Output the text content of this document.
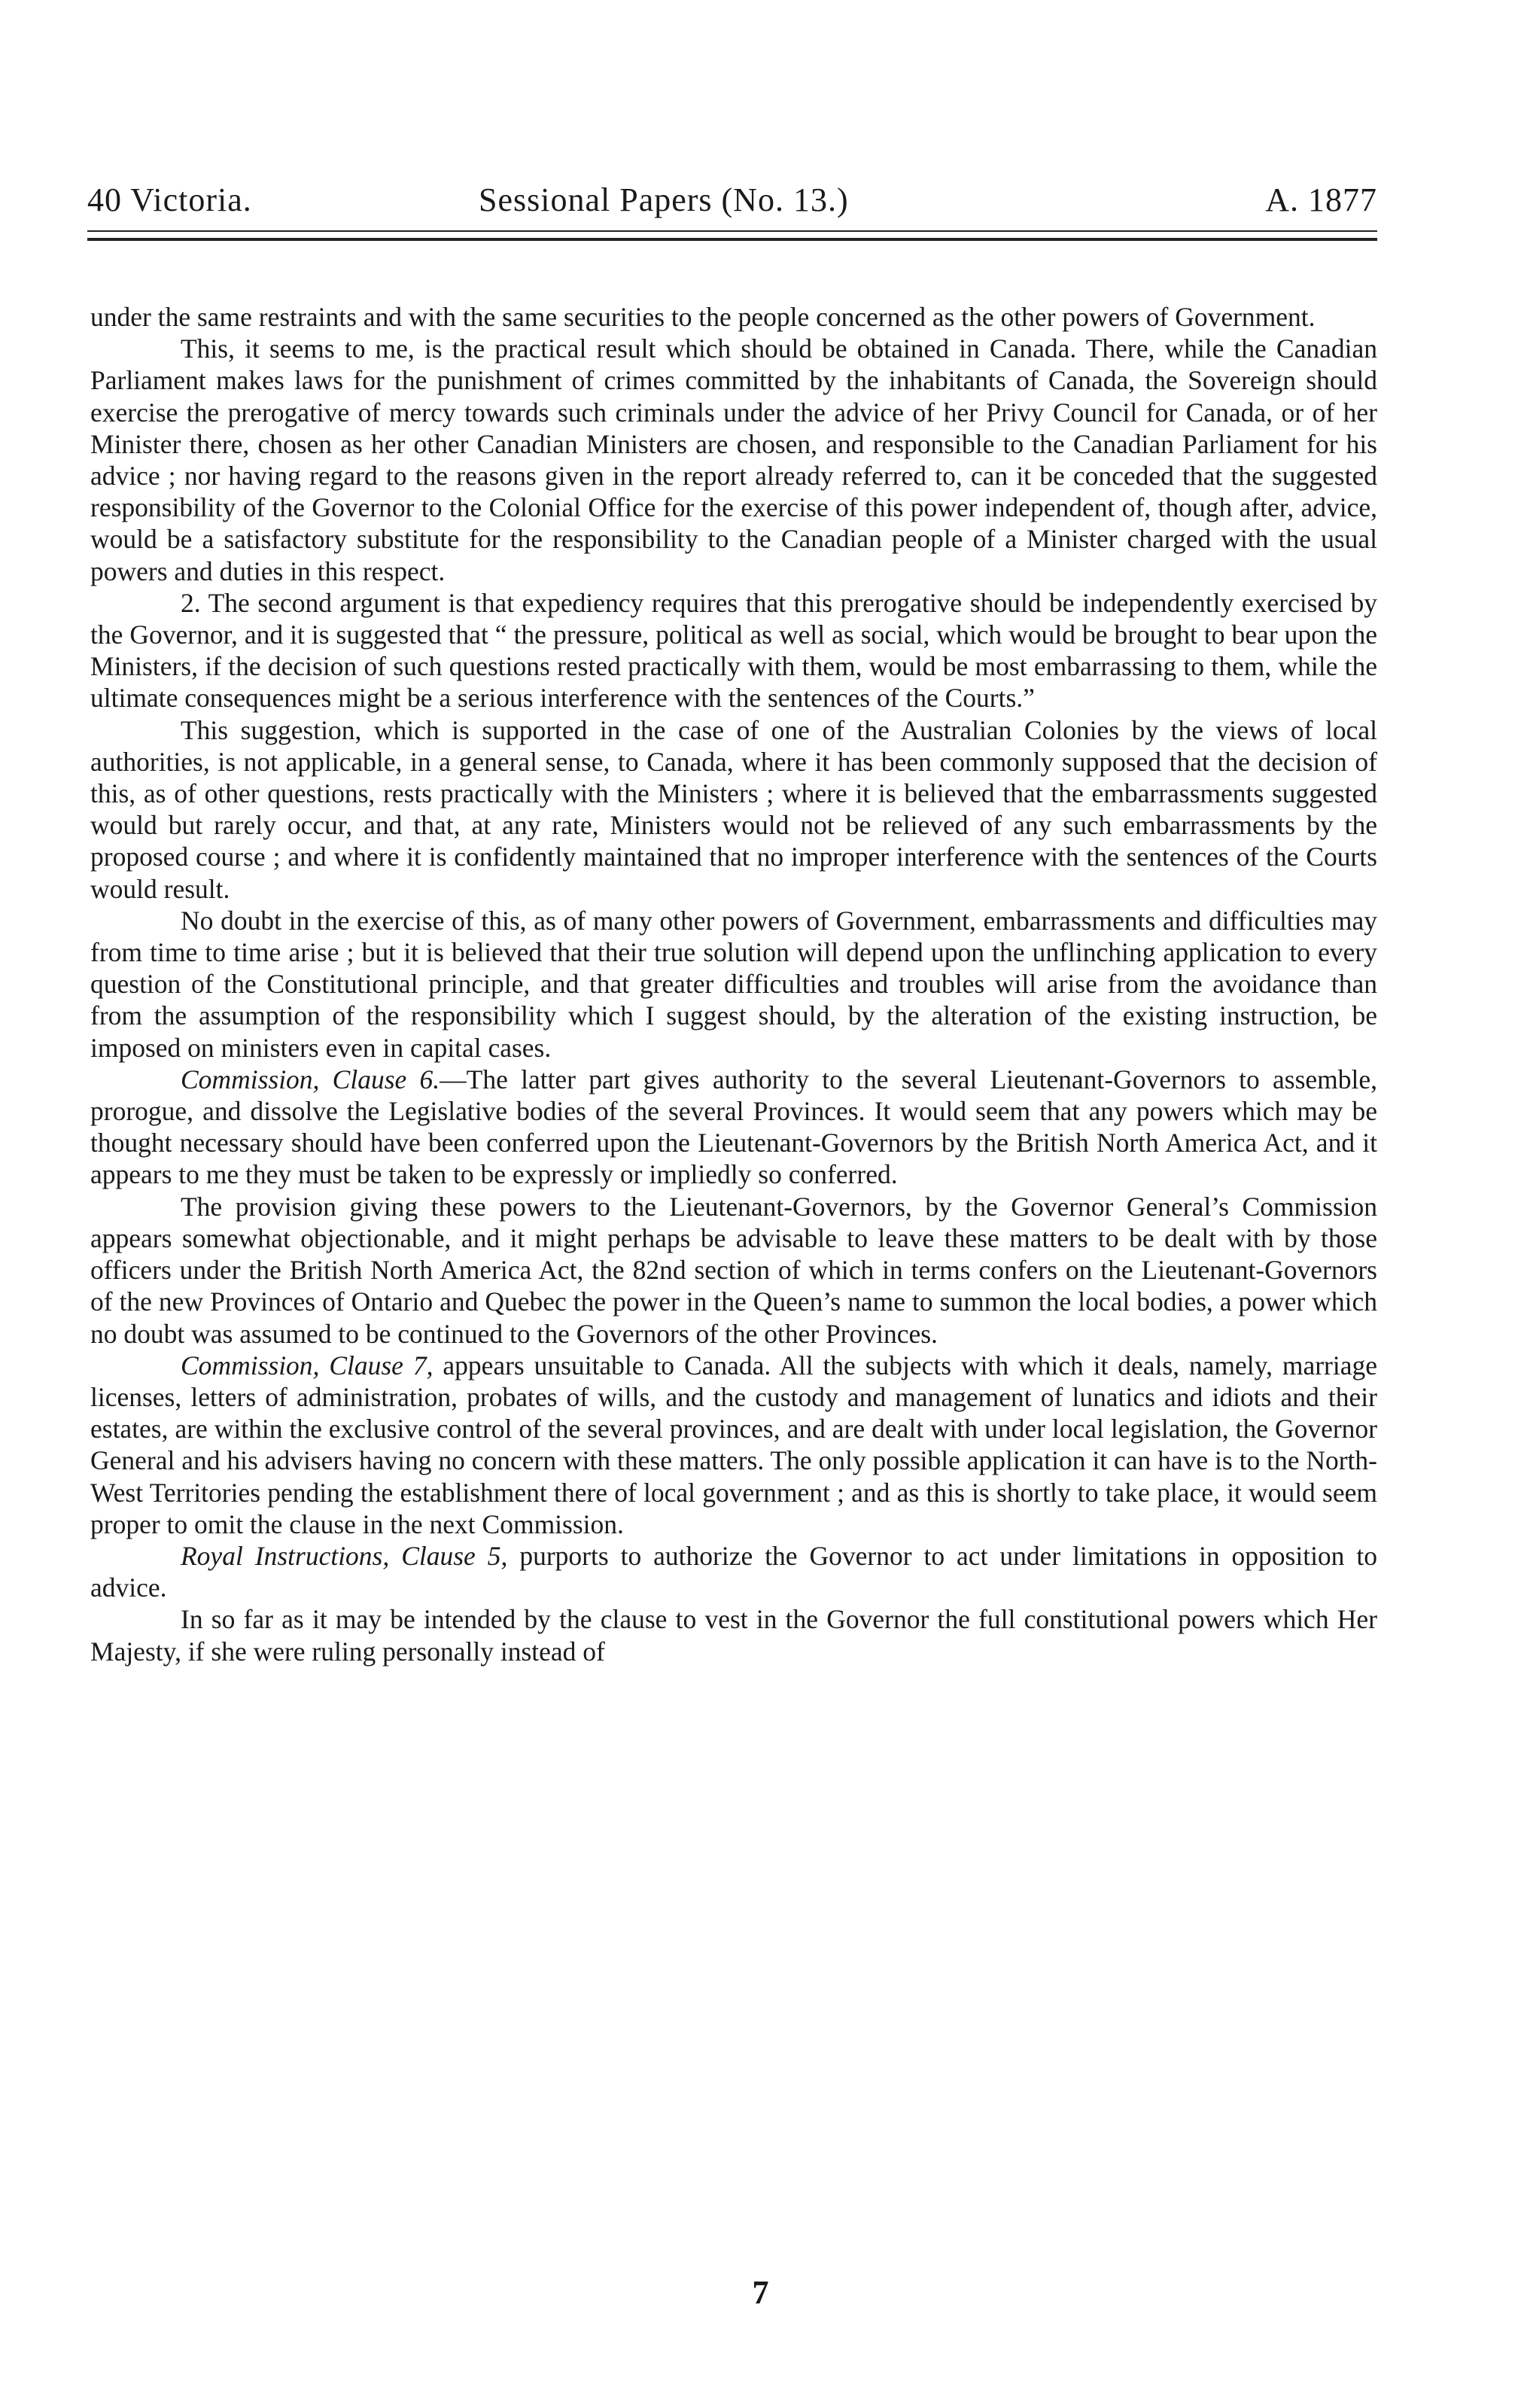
40 Victoria.	Sessional Papers (No. 13.)	A. 1877

under the same restraints and with the same securities to the people concerned as the other powers of Government.

This, it seems to me, is the practical result which should be obtained in Canada. There, while the Canadian Parliament makes laws for the punishment of crimes committed by the inhabitants of Canada, the Sovereign should exercise the prerogative of mercy towards such criminals under the advice of her Privy Council for Canada, or of her Minister there, chosen as her other Canadian Ministers are chosen, and responsible to the Canadian Parliament for his advice ; nor having regard to the reasons given in the report already referred to, can it be conceded that the suggested responsibility of the Governor to the Colonial Office for the exercise of this power independent of, though after, advice, would be a satisfactory substitute for the responsibility to the Canadian people of a Minister charged with the usual powers and duties in this respect.

2. The second argument is that expediency requires that this prerogative should be independently exercised by the Governor, and it is suggested that “ the pressure, political as well as social, which would be brought to bear upon the Ministers, if the decision of such questions rested practically with them, would be most embarrassing to them, while the ultimate consequences might be a serious interference with the sentences of the Courts.”

This suggestion, which is supported in the case of one of the Australian Colonies by the views of local authorities, is not applicable, in a general sense, to Canada, where it has been commonly supposed that the decision of this, as of other questions, rests practically with the Ministers ; where it is believed that the embarrassments suggested would but rarely occur, and that, at any rate, Ministers would not be relieved of any such embarrassments by the proposed course ; and where it is confidently maintained that no improper interference with the sentences of the Courts would result.

No doubt in the exercise of this, as of many other powers of Government, embarrassments and difficulties may from time to time arise ; but it is believed that their true solution will depend upon the unflinching application to every question of the Constitutional principle, and that greater difficulties and troubles will arise from the avoidance than from the assumption of the responsibility which I suggest should, by the alteration of the existing instruction, be imposed on ministers even in capital cases.

Commission, Clause 6.—The latter part gives authority to the several Lieutenant-Governors to assemble, prorogue, and dissolve the Legislative bodies of the several Provinces. It would seem that any powers which may be thought necessary should have been conferred upon the Lieutenant-Governors by the British North America Act, and it appears to me they must be taken to be expressly or impliedly so conferred.

The provision giving these powers to the Lieutenant-Governors, by the Governor General’s Commission appears somewhat objectionable, and it might perhaps be advisable to leave these matters to be dealt with by those officers under the British North America Act, the 82nd section of which in terms confers on the Lieutenant-Governors of the new Provinces of Ontario and Quebec the power in the Queen’s name to summon the local bodies, a power which no doubt was assumed to be continued to the Governors of the other Provinces.

Commission, Clause 7, appears unsuitable to Canada. All the subjects with which it deals, namely, marriage licenses, letters of administration, probates of wills, and the custody and management of lunatics and idiots and their estates, are within the exclusive control of the several provinces, and are dealt with under local legislation, the Governor General and his advisers having no concern with these matters. The only possible application it can have is to the North-West Territories pending the establishment there of local government ; and as this is shortly to take place, it would seem proper to omit the clause in the next Commission.

Royal Instructions, Clause 5, purports to authorize the Governor to act under limitations in opposition to advice.

In so far as it may be intended by the clause to vest in the Governor the full constitutional powers which Her Majesty, if she were ruling personally instead of

7
